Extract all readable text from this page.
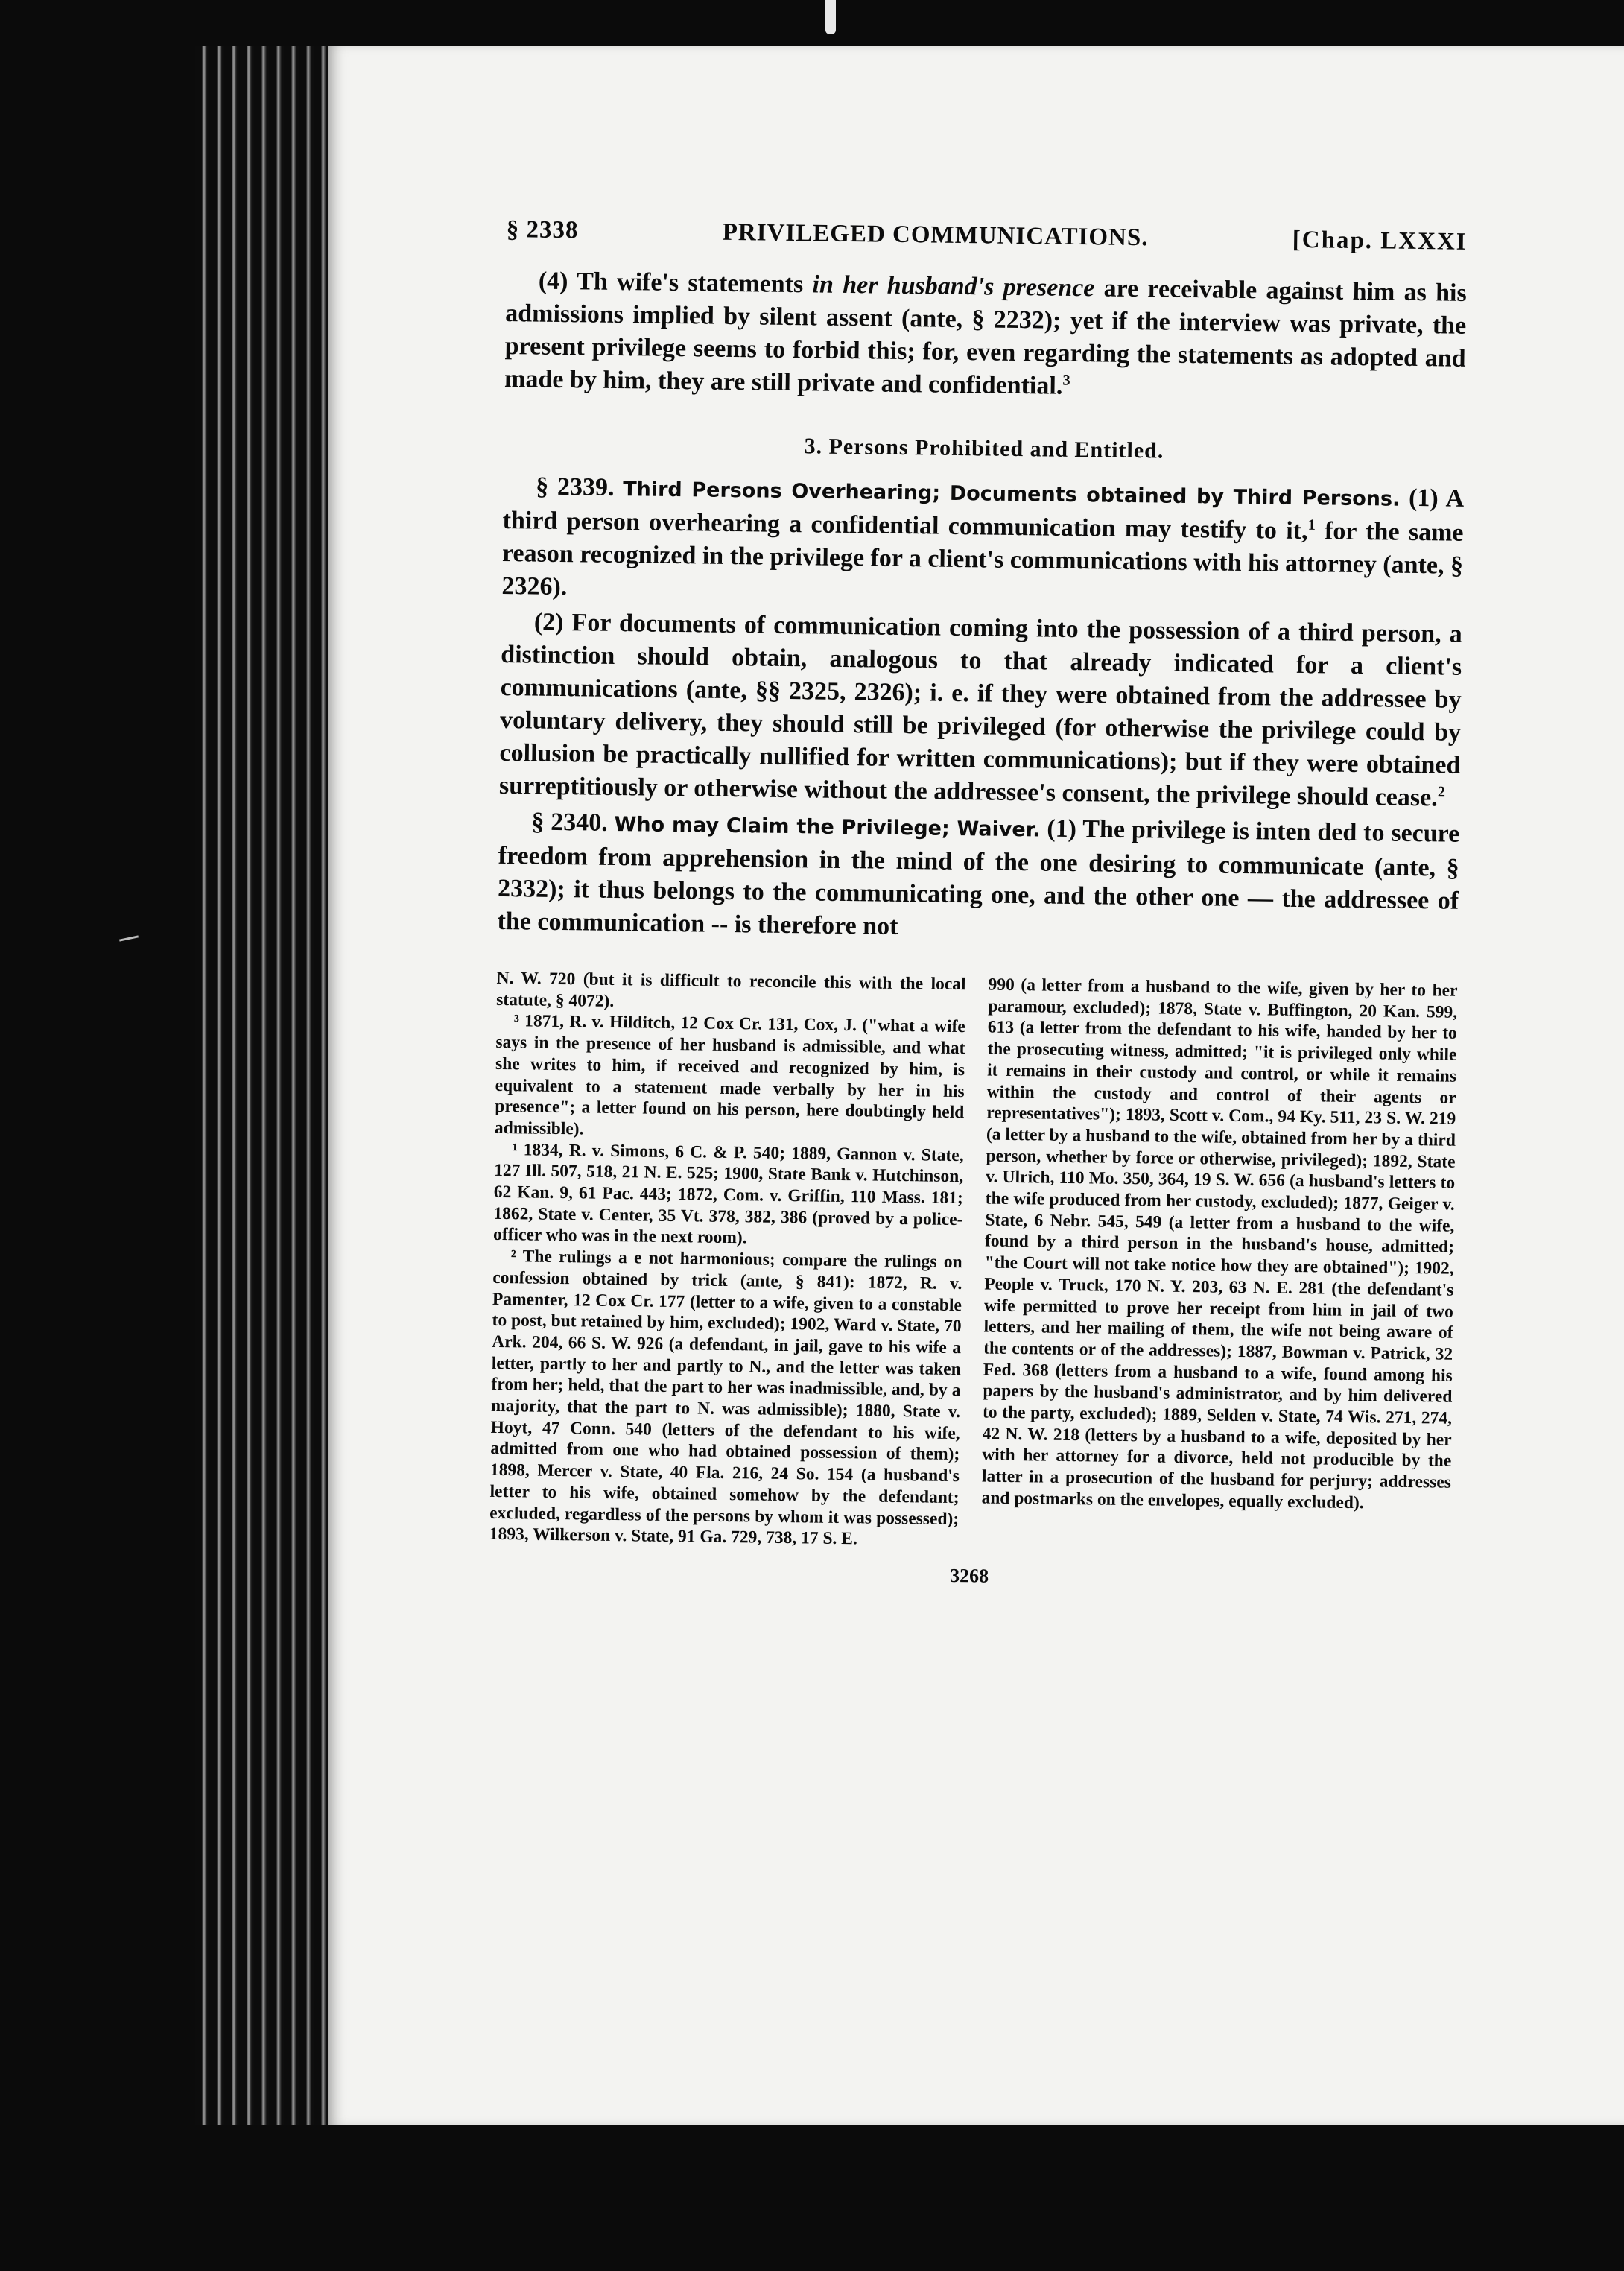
§ 2338	PRIVILEGED COMMUNICATIONS.	[Chap. LXXXI

(4) Th wife's statements in her husband's presence are receivable against him as his admissions implied by silent assent (ante, § 2232); yet if the interview was private, the present privilege seems to forbid this; for, even regarding the statements as adopted and made by him, they are still private and confidential.$^3$

3. Persons Prohibited and Entitled.

§ 2339. Third Persons Overhearing; Documents obtained by Third Persons. (1) A third person overhearing a confidential communication may testify to it,$^1$ for the same reason recognized in the privilege for a client's communications with his attorney (ante, § 2326).

(2) For documents of communication coming into the possession of a third person, a distinction should obtain, analogous to that already indicated for a client's communications (ante, §§ 2325, 2326); i. e. if they were obtained from the addressee by voluntary delivery, they should still be privileged (for otherwise the privilege could by collusion be practically nullified for written communications); but if they were obtained surreptitiously or otherwise without the addressee's consent, the privilege should cease.$^2$

§ 2340. Who may Claim the Privilege; Waiver. (1) The privilege is inten ded to secure freedom from apprehension in the mind of the one desiring to communicate (ante, § 2332); it thus belongs to the communicating one, and the other one — the addressee of the communication -- is therefore not

N. W. 720 (but it is difficult to reconcile this with the local statute, § 4072).

³ 1871, R. v. Hilditch, 12 Cox Cr. 131, Cox, J. ("what a wife says in the presence of her husband is admissible, and what she writes to him, if received and recognized by him, is equivalent to a statement made verbally by her in his presence"; a letter found on his person, here doubtingly held admissible).

¹ 1834, R. v. Simons, 6 C. & P. 540; 1889, Gannon v. State, 127 Ill. 507, 518, 21 N. E. 525; 1900, State Bank v. Hutchinson, 62 Kan. 9, 61 Pac. 443; 1872, Com. v. Griffin, 110 Mass. 181; 1862, State v. Center, 35 Vt. 378, 382, 386 (proved by a police-officer who was in the next room).

² The rulings a e not harmonious; compare the rulings on confession obtained by trick (ante, § 841): 1872, R. v. Pamenter, 12 Cox Cr. 177 (letter to a wife, given to a constable to post, but retained by him, excluded); 1902, Ward v. State, 70 Ark. 204, 66 S. W. 926 (a defendant, in jail, gave to his wife a letter, partly to her and partly to N., and the letter was taken from her; held, that the part to her was inadmissible, and, by a majority, that the part to N. was admissible); 1880, State v. Hoyt, 47 Conn. 540 (letters of the defendant to his wife, admitted from one who had obtained possession of them); 1898, Mercer v. State, 40 Fla. 216, 24 So. 154 (a husband's letter to his wife, obtained somehow by the defendant; excluded, regardless of the persons by whom it was possessed); 1893, Wilkerson v. State, 91 Ga. 729, 738, 17 S. E.

990 (a letter from a husband to the wife, given by her to her paramour, excluded); 1878, State v. Buffington, 20 Kan. 599, 613 (a letter from the defendant to his wife, handed by her to the prosecuting witness, admitted; "it is privileged only while it remains in their custody and control, or while it remains within the custody and control of their agents or representatives"); 1893, Scott v. Com., 94 Ky. 511, 23 S. W. 219 (a letter by a husband to the wife, obtained from her by a third person, whether by force or otherwise, privileged); 1892, State v. Ulrich, 110 Mo. 350, 364, 19 S. W. 656 (a husband's letters to the wife produced from her custody, excluded); 1877, Geiger v. State, 6 Nebr. 545, 549 (a letter from a husband to the wife, found by a third person in the husband's house, admitted; "the Court will not take notice how they are obtained"); 1902, People v. Truck, 170 N. Y. 203, 63 N. E. 281 (the defendant's wife permitted to prove her receipt from him in jail of two letters, and her mailing of them, the wife not being aware of the contents or of the addresses); 1887, Bowman v. Patrick, 32 Fed. 368 (letters from a husband to a wife, found among his papers by the husband's administrator, and by him delivered to the party, excluded); 1889, Selden v. State, 74 Wis. 271, 274, 42 N. W. 218 (letters by a husband to a wife, deposited by her with her attorney for a divorce, held not producible by the latter in a prosecution of the husband for perjury; addresses and postmarks on the envelopes, equally excluded).

3268
